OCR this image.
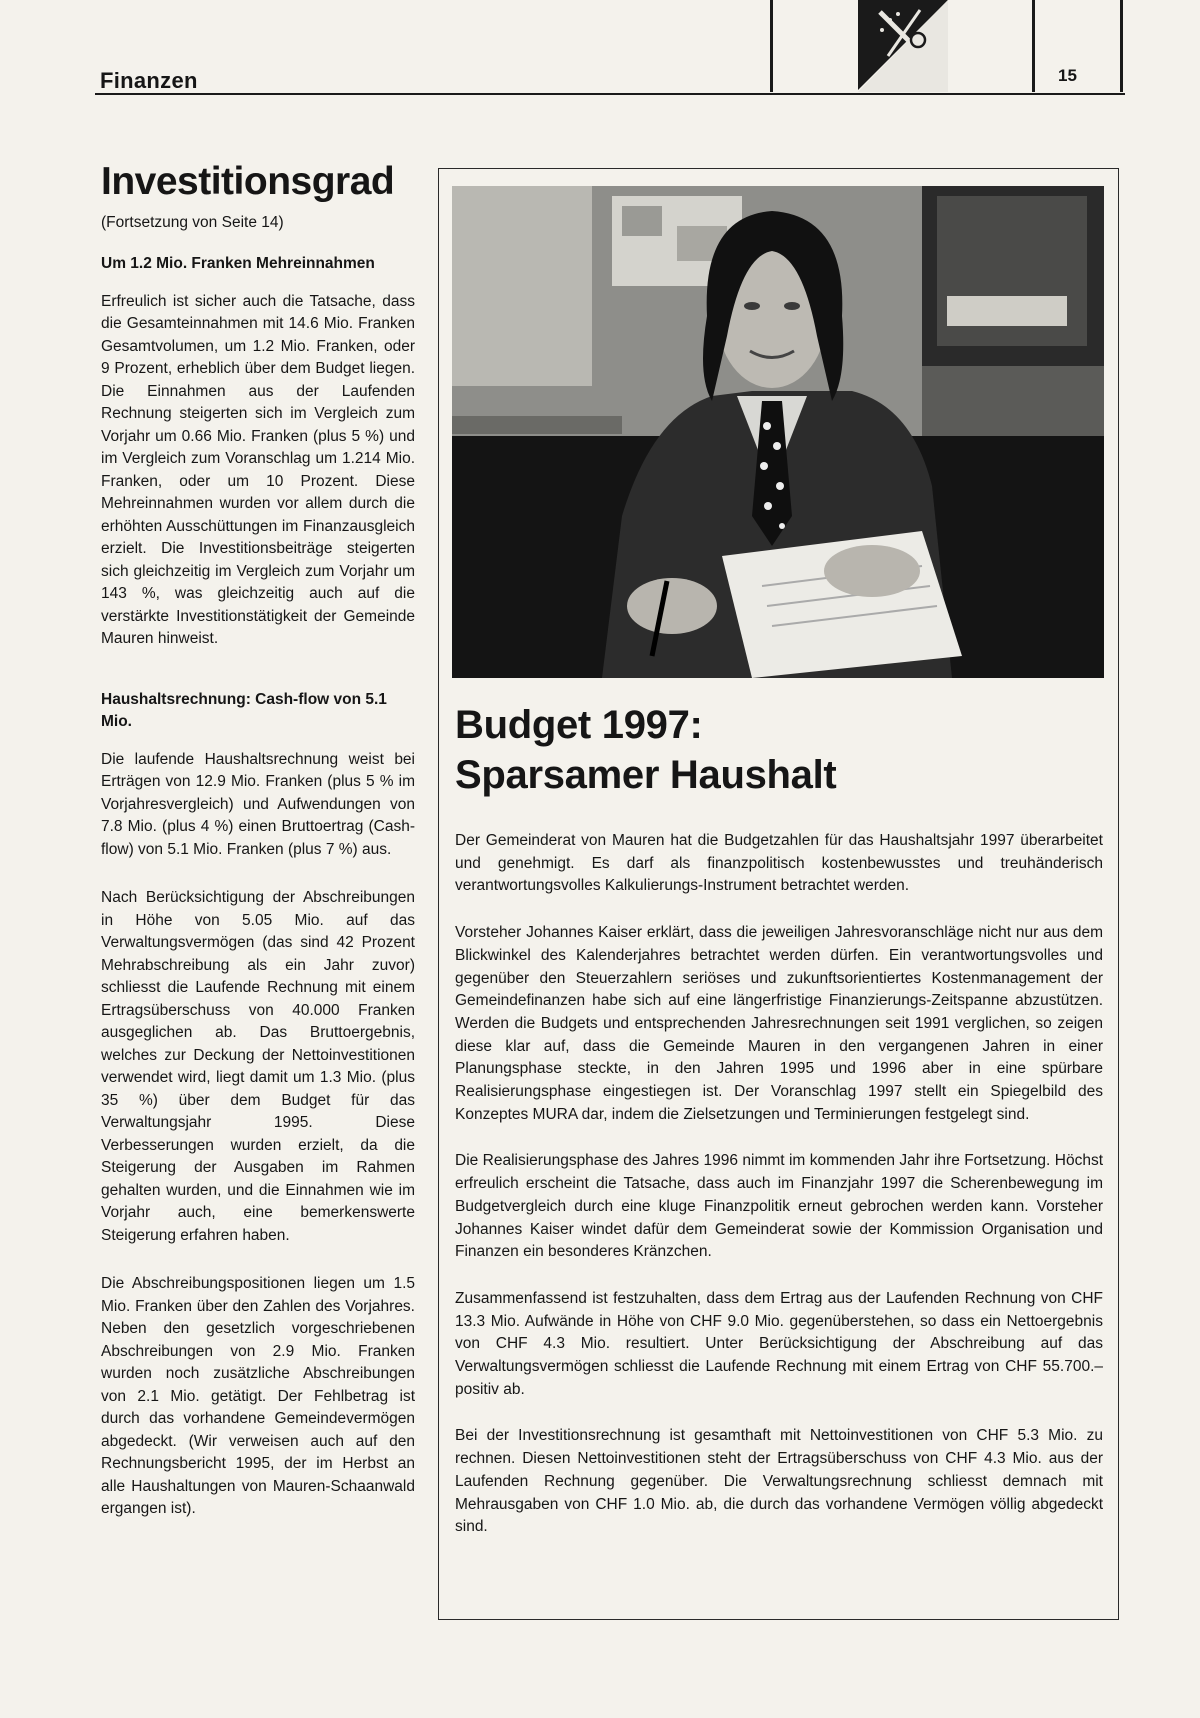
Finanzen	15
Investitionsgrad

(Fortsetzung von Seite 14)

Um 1.2 Mio. Franken Mehreinnahmen

Erfreulich ist sicher auch die Tatsache, dass die Gesamteinnahmen mit 14.6 Mio. Franken Gesamtvolumen, um 1.2 Mio. Franken, oder 9 Prozent, erheblich über dem Budget liegen. Die Einnahmen aus der Laufenden Rechnung steigerten sich im Vergleich zum Vorjahr um 0.66 Mio. Franken (plus 5 %) und im Vergleich zum Voranschlag um 1.214 Mio. Franken, oder um 10 Prozent. Diese Mehreinnahmen wurden vor allem durch die erhöhten Ausschüttungen im Finanzausgleich erzielt. Die Investitionsbeiträge steigerten sich gleichzeitig im Vergleich zum Vorjahr um 143 %, was gleichzeitig auch auf die verstärkte Investitionstätigkeit der Gemeinde Mauren hinweist.

Haushaltsrechnung: Cash-flow von 5.1 Mio.

Die laufende Haushaltsrechnung weist bei Erträgen von 12.9 Mio. Franken (plus 5 % im Vorjahresvergleich) und Aufwendungen von 7.8 Mio. (plus 4 %) einen Bruttoertrag (Cash-flow) von 5.1 Mio. Franken (plus 7 %) aus.

Nach Berücksichtigung der Abschreibungen in Höhe von 5.05 Mio. auf das Verwaltungsvermögen (das sind 42 Prozent Mehrabschreibung als ein Jahr zuvor) schliesst die Laufende Rechnung mit einem Ertragsüberschuss von 40.000 Franken ausgeglichen ab. Das Bruttoergebnis, welches zur Deckung der Nettoinvestitionen verwendet wird, liegt damit um 1.3 Mio. (plus 35 %) über dem Budget für das Verwaltungsjahr 1995. Diese Verbesserungen wurden erzielt, da die Steigerung der Ausgaben im Rahmen gehalten wurden, und die Einnahmen wie im Vorjahr auch, eine bemerkenswerte Steigerung erfahren haben.

Die Abschreibungspositionen liegen um 1.5 Mio. Franken über den Zahlen des Vorjahres. Neben den gesetzlich vorgeschriebenen Abschreibungen von 2.9 Mio. Franken wurden noch zusätzliche Abschreibungen von 2.1 Mio. getätigt. Der Fehlbetrag ist durch das vorhandene Gemeindevermögen abgedeckt. (Wir verweisen auch auf den Rechnungsbericht 1995, der im Herbst an alle Haushaltungen von Mauren-Schaanwald ergangen ist).

Budget 1997:
Sparsamer Haushalt

Der Gemeinderat von Mauren hat die Budgetzahlen für das Haushaltsjahr 1997 überarbeitet und genehmigt. Es darf als finanzpolitisch kostenbewusstes und treuhänderisch verantwortungsvolles Kalkulierungs-Instrument betrachtet werden.

Vorsteher Johannes Kaiser erklärt, dass die jeweiligen Jahresvoranschläge nicht nur aus dem Blickwinkel des Kalenderjahres betrachtet werden dürfen. Ein verantwortungsvolles und gegenüber den Steuerzahlern seriöses und zukunftsorientiertes Kostenmanagement der Gemeindefinanzen habe sich auf eine längerfristige Finanzierungs-Zeitspanne abzustützen. Werden die Budgets und entsprechenden Jahresrechnungen seit 1991 verglichen, so zeigen diese klar auf, dass die Gemeinde Mauren in den vergangenen Jahren in einer Planungsphase steckte, in den Jahren 1995 und 1996 aber in eine spürbare Realisierungsphase eingestiegen ist. Der Voranschlag 1997 stellt ein Spiegelbild des Konzeptes MURA dar, indem die Zielsetzungen und Terminierungen festgelegt sind.

Die Realisierungsphase des Jahres 1996 nimmt im kommenden Jahr ihre Fortsetzung. Höchst erfreulich erscheint die Tatsache, dass auch im Finanzjahr 1997 die Scherenbewegung im Budgetvergleich durch eine kluge Finanzpolitik erneut gebrochen werden kann. Vorsteher Johannes Kaiser windet dafür dem Gemeinderat sowie der Kommission Organisation und Finanzen ein besonderes Kränzchen.

Zusammenfassend ist festzuhalten, dass dem Ertrag aus der Laufenden Rechnung von CHF 13.3 Mio. Aufwände in Höhe von CHF 9.0 Mio. gegenüberstehen, so dass ein Nettoergebnis von CHF 4.3 Mio. resultiert. Unter Berücksichtigung der Abschreibung auf das Verwaltungsvermögen schliesst die Laufende Rechnung mit einem Ertrag von CHF 55.700.– positiv ab.

Bei der Investitionsrechnung ist gesamthaft mit Nettoinvestitionen von CHF 5.3 Mio. zu rechnen. Diesen Nettoinvestitionen steht der Ertragsüberschuss von CHF 4.3 Mio. aus der Laufenden Rechnung gegenüber. Die Verwaltungsrechnung schliesst demnach mit Mehrausgaben von CHF 1.0 Mio. ab, die durch das vorhandene Vermögen völlig abgedeckt sind.
